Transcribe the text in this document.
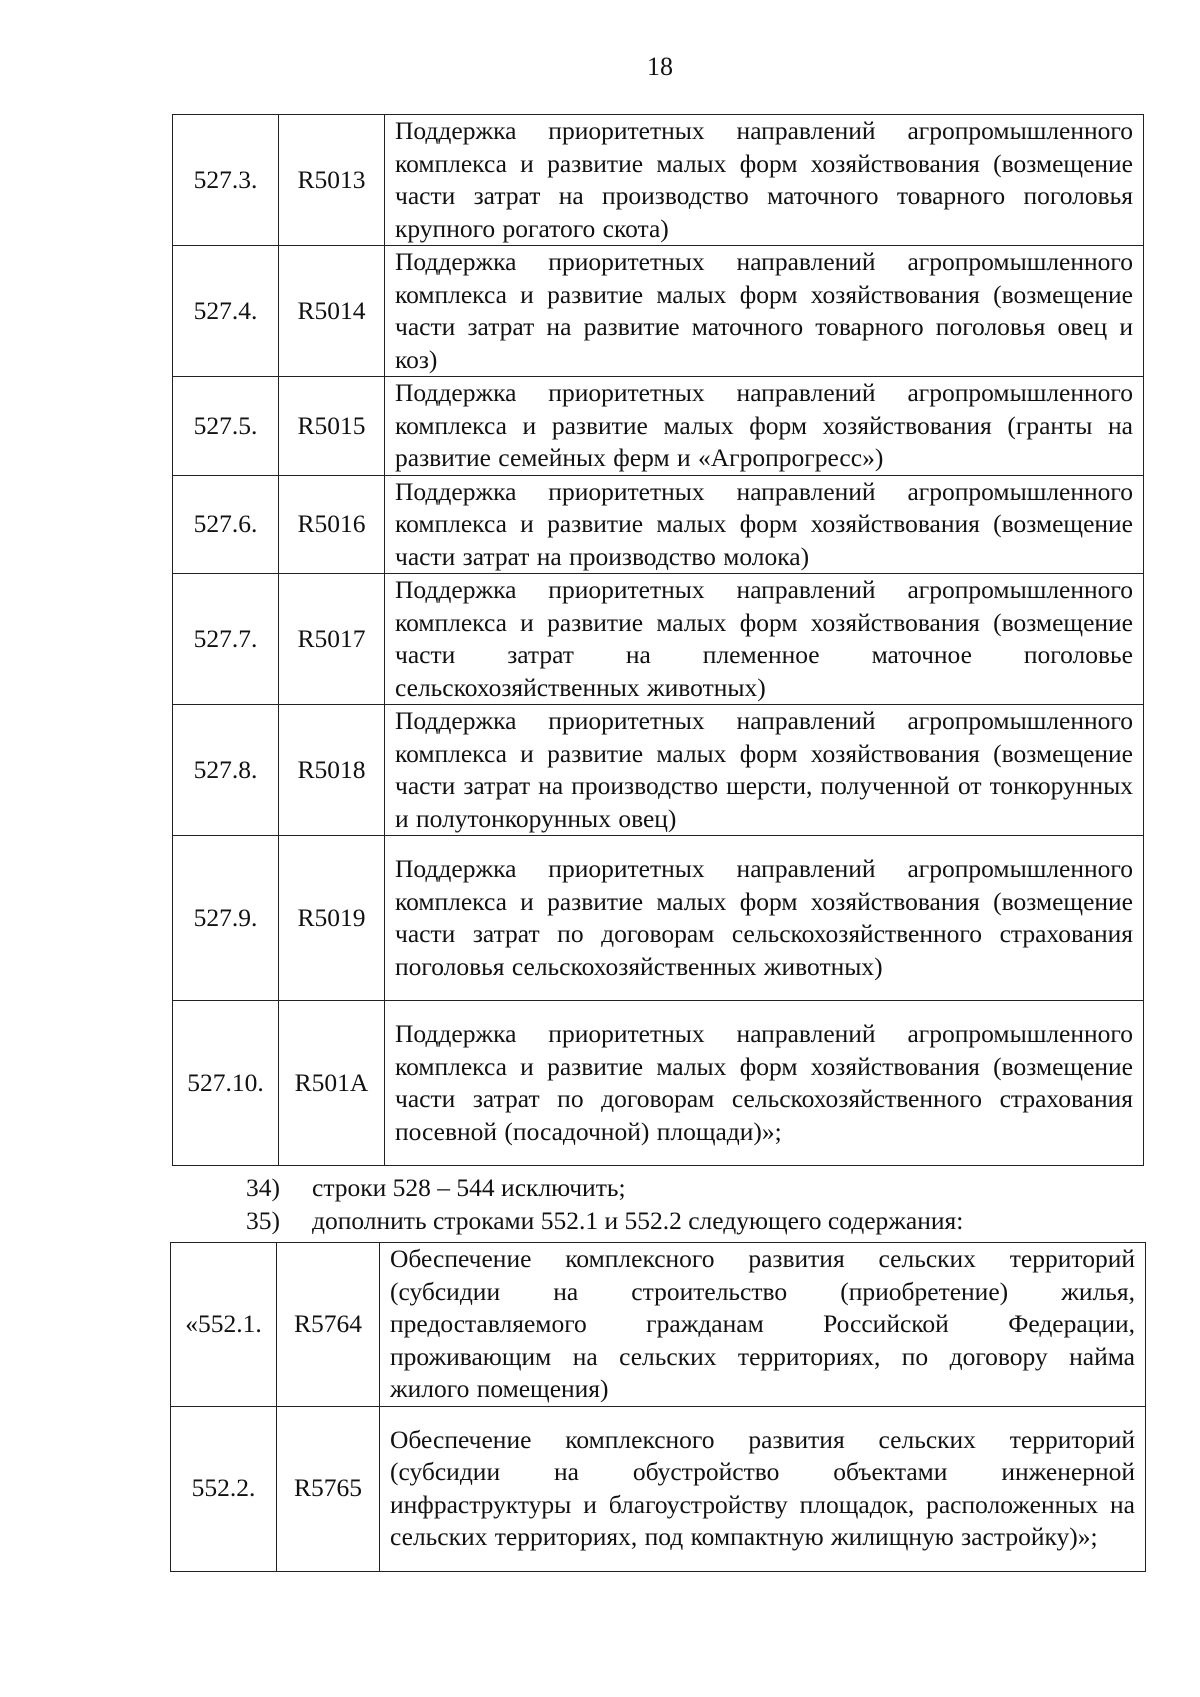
18
527.3.	R5013	Поддержка приоритетных направлений агропромышленного комплекса и развитие малых форм хозяйствования (возмещение части затрат на производство маточного товарного поголовья крупного рогатого скота)
527.4.	R5014	Поддержка приоритетных направлений агропромышленного комплекса и развитие малых форм хозяйствования (возмещение части затрат на развитие маточного товарного поголовья овец и коз)
527.5.	R5015	Поддержка приоритетных направлений агропромышленного комплекса и развитие малых форм хозяйствования (гранты на развитие семейных ферм и «Агропрогресс»)
527.6.	R5016	Поддержка приоритетных направлений агропромышленного комплекса и развитие малых форм хозяйствования (возмещение части затрат на производство молока)
527.7.	R5017	Поддержка приоритетных направлений агропромышленного комплекса и развитие малых форм хозяйствования (возмещение части затрат на племенное маточное поголовье сельскохозяйственных животных)
527.8.	R5018	Поддержка приоритетных направлений агропромышленного комплекса и развитие малых форм хозяйствования (возмещение части затрат на производство шерсти, полученной от тонкорунных и полутонкорунных овец)
527.9.	R5019	Поддержка приоритетных направлений агропромышленного комплекса и развитие малых форм хозяйствования (возмещение части затрат по договорам сельскохозяйственного страхования поголовья сельскохозяйственных животных)
527.10.	R501A	Поддержка приоритетных направлений агропромышленного комплекса и развитие малых форм хозяйствования (возмещение части затрат по договорам сельскохозяйственного страхования посевной (посадочной) площади)»;
34) строки 528 – 544 исключить;
35) дополнить строками 552.1 и 552.2 следующего содержания:
«552.1.	R5764	Обеспечение комплексного развития сельских территорий (субсидии на строительство (приобретение) жилья, предоставляемого гражданам Российской Федерации, проживающим на сельских территориях, по договору найма жилого помещения)
552.2.	R5765	Обеспечение комплексного развития сельских территорий (субсидии на обустройство объектами инженерной инфраструктуры и благоустройству площадок, расположенных на сельских территориях, под компактную жилищную застройку)»;
